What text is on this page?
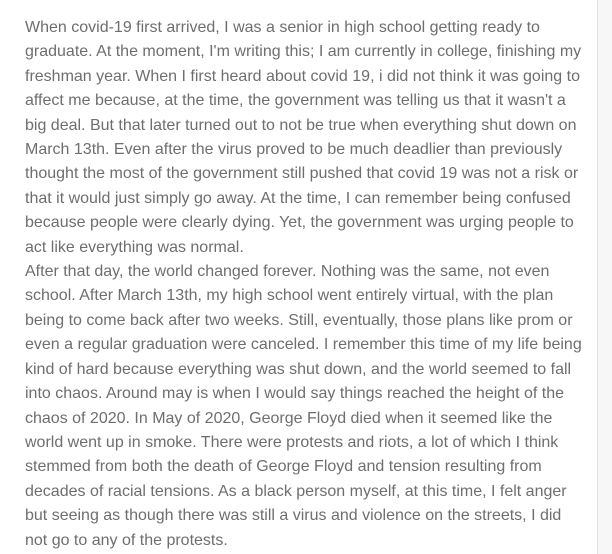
When covid-19 first arrived, I was a senior in high school getting ready to graduate. At the moment, I'm writing this; I am currently in college, finishing my freshman year. When I first heard about covid 19, i did not think it was going to affect me because, at the time, the government was telling us that it wasn't a big deal. But that later turned out to not be true when everything shut down on March 13th. Even after the virus proved to be much deadlier than previously thought the most of the government still pushed that covid 19 was not a risk or that it would just simply go away. At the time, I can remember being confused because people were clearly dying. Yet, the government was urging people to act like everything was normal.

After that day, the world changed forever. Nothing was the same, not even school. After March 13th, my high school went entirely virtual, with the plan being to come back after two weeks. Still, eventually, those plans like prom or even a regular graduation were canceled. I remember this time of my life being kind of hard because everything was shut down, and the world seemed to fall into chaos. Around may is when I would say things reached the height of the chaos of 2020. In May of 2020, George Floyd died when it seemed like the world went up in smoke. There were protests and riots, a lot of which I think stemmed from both the death of George Floyd and tension resulting from decades of racial tensions. As a black person myself, at this time, I felt anger but seeing as though there was still a virus and violence on the streets, I did not go to any of the protests.
